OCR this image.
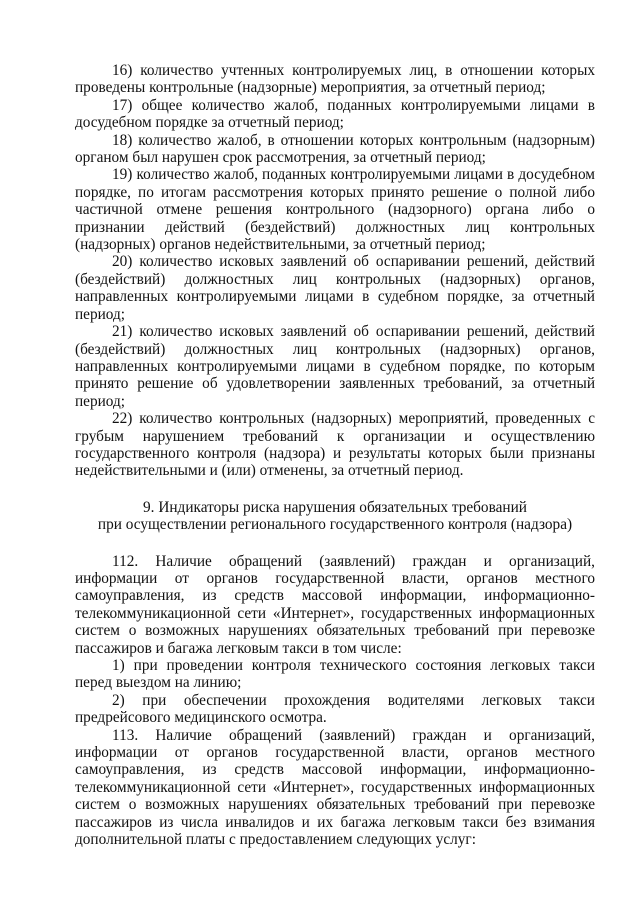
16) количество учтенных контролируемых лиц, в отношении которых проведены контрольные (надзорные) мероприятия, за отчетный период;

17) общее количество жалоб, поданных контролируемыми лицами в досудебном порядке за отчетный период;

18) количество жалоб, в отношении которых контрольным (надзорным) органом был нарушен срок рассмотрения, за отчетный период;

19) количество жалоб, поданных контролируемыми лицами в досудебном порядке, по итогам рассмотрения которых принято решение о полной либо частичной отмене решения контрольного (надзорного) органа либо о признании действий (бездействий) должностных лиц контрольных (надзорных) органов недействительными, за отчетный период;

20) количество исковых заявлений об оспаривании решений, действий (бездействий) должностных лиц контрольных (надзорных) органов, направленных контролируемыми лицами в судебном порядке, за отчетный период;

21) количество исковых заявлений об оспаривании решений, действий (бездействий) должностных лиц контрольных (надзорных) органов, направленных контролируемыми лицами в судебном порядке, по которым принято решение об удовлетворении заявленных требований, за отчетный период;

22) количество контрольных (надзорных) мероприятий, проведенных с грубым нарушением требований к организации и осуществлению государственного контроля (надзора) и результаты которых были признаны недействительными и (или) отменены, за отчетный период.

9. Индикаторы риска нарушения обязательных требований
при осуществлении регионального государственного контроля (надзора)

112. Наличие обращений (заявлений) граждан и организаций, информации от органов государственной власти, органов местного самоуправления, из средств массовой информации, информационно-телекоммуникационной сети «Интернет», государственных информационных систем о возможных нарушениях обязательных требований при перевозке пассажиров и багажа легковым такси в том числе:

1) при проведении контроля технического состояния легковых такси перед выездом на линию;

2) при обеспечении прохождения водителями легковых такси предрейсового медицинского осмотра.

113. Наличие обращений (заявлений) граждан и организаций, информации от органов государственной власти, органов местного самоуправления, из средств массовой информации, информационно-телекоммуникационной сети «Интернет», государственных информационных систем о возможных нарушениях обязательных требований при перевозке пассажиров из числа инвалидов и их багажа легковым такси без взимания дополнительной платы с предоставлением следующих услуг:
